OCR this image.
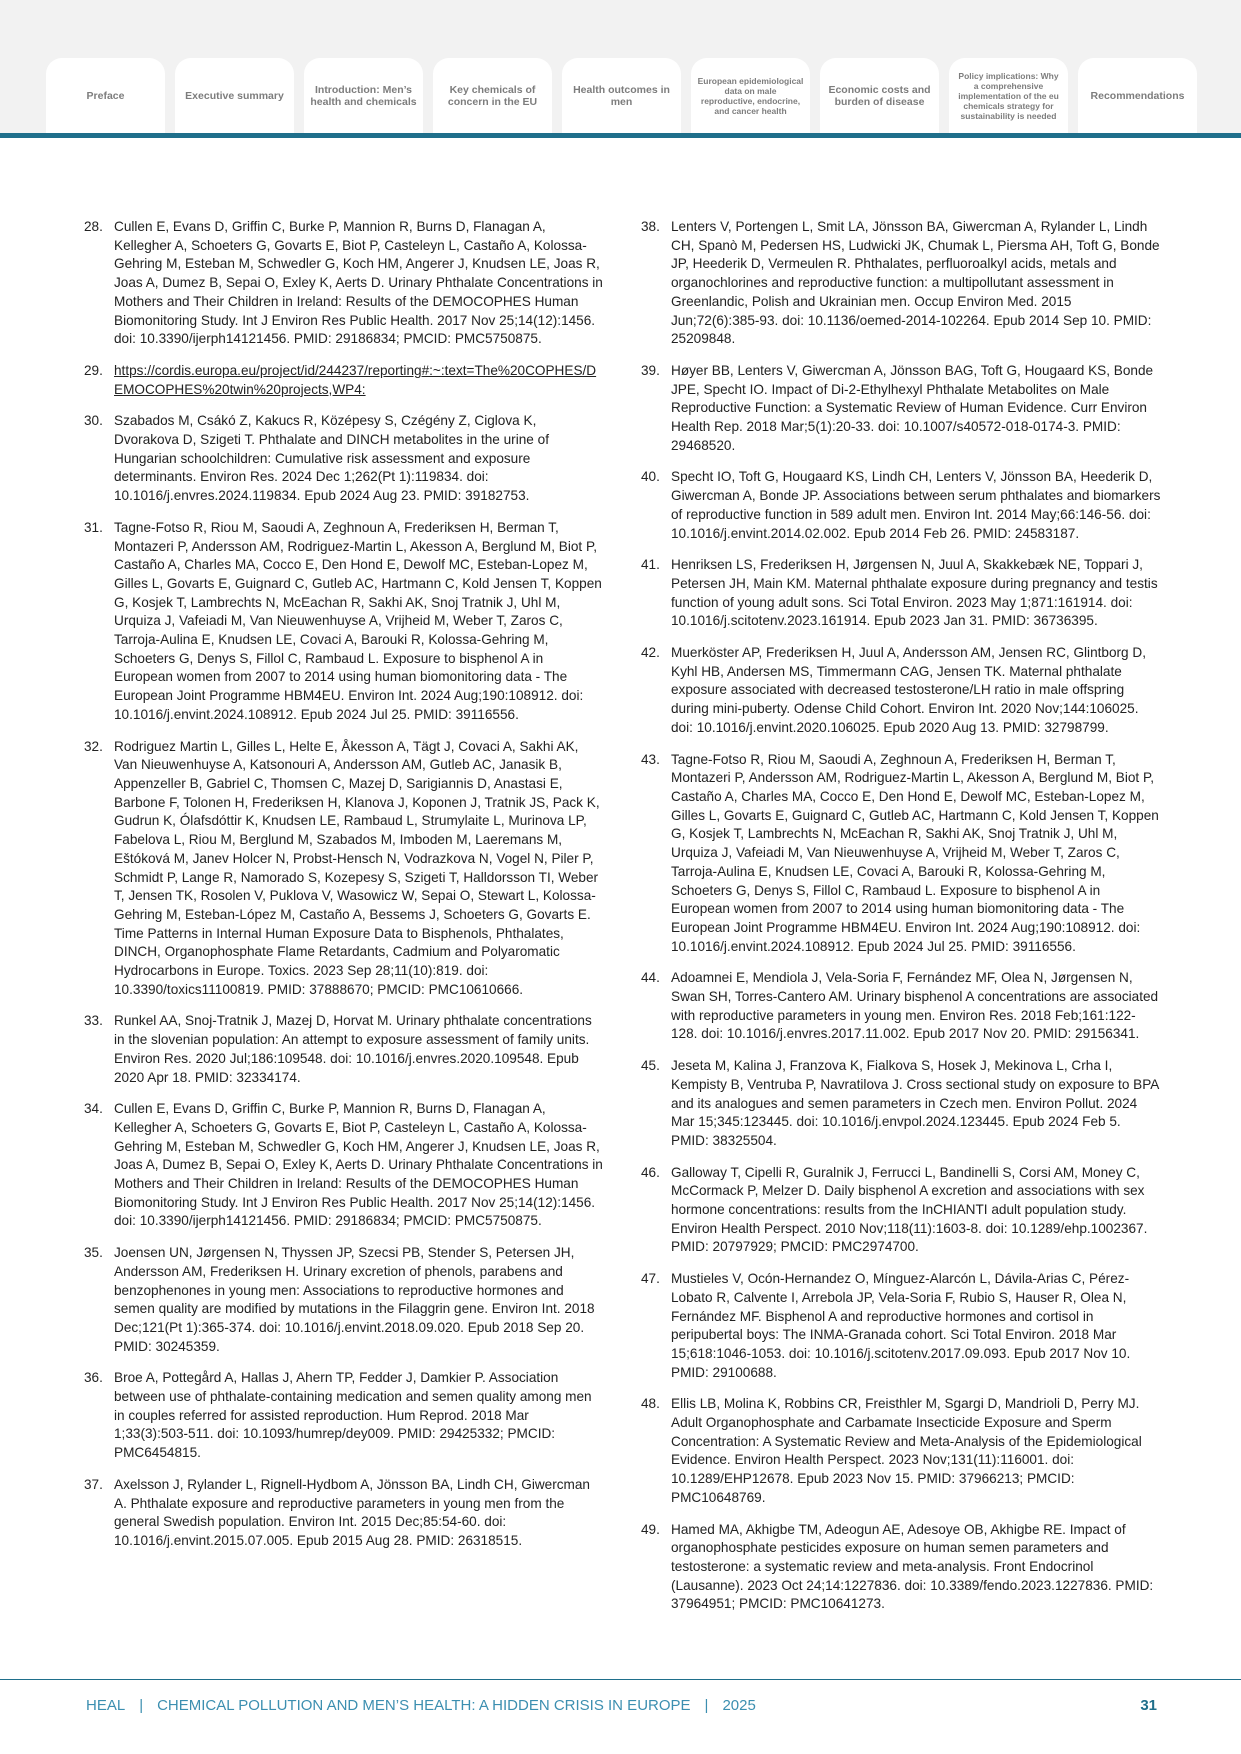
Preface	Executive summary	Introduction: Men’s health and chemicals
Key chemicals of concern in the EU
Health outcomes in men
European epidemiological data on male reproductive, endocrine, and cancer health
Economic costs and burden of disease
Policy implications: Why a comprehensive implementation of the eu chemicals strategy for sustainability is needed
Recommendations
28. Cullen E, Evans D, Griffin C, Burke P, Mannion R, Burns D, Flanagan A, Kellegher A, Schoeters G, Govarts E, Biot P, Casteleyn L, Castaño A, Kolossa-Gehring M, Esteban M, Schwedler G, Koch HM, Angerer J, Knudsen LE, Joas R, Joas A, Dumez B, Sepai O, Exley K, Aerts D. Urinary Phthalate Concentrations in Mothers and Their Children in Ireland: Results of the DEMOCOPHES Human Biomonitoring Study. Int J Environ Res Public Health. 2017 Nov 25;14(12):1456. doi: 10.3390/ijerph14121456. PMID: 29186834; PMCID: PMC5750875.
29. https://cordis.europa.eu/project/id/244237/reporting#:~:text=The%20COPHES/DEMOCOPHES%20twin%20projects,WP4:
30. Szabados M, Csákó Z, Kakucs R, Középesy S, Czégény Z, Ciglova K, Dvorakova D, Szigeti T. Phthalate and DINCH metabolites in the urine of Hungarian schoolchildren: Cumulative risk assessment and exposure determinants. Environ Res. 2024 Dec 1;262(Pt 1):119834. doi: 10.1016/j.envres.2024.119834. Epub 2024 Aug 23. PMID: 39182753.
31. Tagne-Fotso R, Riou M, Saoudi A, Zeghnoun A, Frederiksen H, Berman T, Montazeri P, Andersson AM, Rodriguez-Martin L, Akesson A, Berglund M, Biot P, Castaño A, Charles MA, Cocco E, Den Hond E, Dewolf MC, Esteban-Lopez M, Gilles L, Govarts E, Guignard C, Gutleb AC, Hartmann C, Kold Jensen T, Koppen G, Kosjek T, Lambrechts N, McEachan R, Sakhi AK, Snoj Tratnik J, Uhl M, Urquiza J, Vafeiadi M, Van Nieuwenhuyse A, Vrijheid M, Weber T, Zaros C, Tarroja-Aulina E, Knudsen LE, Covaci A, Barouki R, Kolossa-Gehring M, Schoeters G, Denys S, Fillol C, Rambaud L. Exposure to bisphenol A in European women from 2007 to 2014 using human biomonitoring data - The European Joint Programme HBM4EU. Environ Int. 2024 Aug;190:108912. doi: 10.1016/j.envint.2024.108912. Epub 2024 Jul 25. PMID: 39116556.
32. Rodriguez Martin L, Gilles L, Helte E, Åkesson A, Tägt J, Covaci A, Sakhi AK, Van Nieuwenhuyse A, Katsonouri A, Andersson AM, Gutleb AC, Janasik B, Appenzeller B, Gabriel C, Thomsen C, Mazej D, Sarigiannis D, Anastasi E, Barbone F, Tolonen H, Frederiksen H, Klanova J, Koponen J, Tratnik JS, Pack K, Gudrun K, Ólafsdóttir K, Knudsen LE, Rambaud L, Strumylaite L, Murinova LP, Fabelova L, Riou M, Berglund M, Szabados M, Imboden M, Laeremans M, Eštóková M, Janev Holcer N, Probst-Hensch N, Vodrazkova N, Vogel N, Piler P, Schmidt P, Lange R, Namorado S, Kozepesy S, Szigeti T, Halldorsson TI, Weber T, Jensen TK, Rosolen V, Puklova V, Wasowicz W, Sepai O, Stewart L, Kolossa-Gehring M, Esteban-López M, Castaño A, Bessems J, Schoeters G, Govarts E. Time Patterns in Internal Human Exposure Data to Bisphenols, Phthalates, DINCH, Organophosphate Flame Retardants, Cadmium and Polyaromatic Hydrocarbons in Europe. Toxics. 2023 Sep 28;11(10):819. doi: 10.3390/toxics11100819. PMID: 37888670; PMCID: PMC10610666.
33. Runkel AA, Snoj-Tratnik J, Mazej D, Horvat M. Urinary phthalate concentrations in the slovenian population: An attempt to exposure assessment of family units. Environ Res. 2020 Jul;186:109548. doi: 10.1016/j.envres.2020.109548. Epub 2020 Apr 18. PMID: 32334174.
34. Cullen E, Evans D, Griffin C, Burke P, Mannion R, Burns D, Flanagan A, Kellegher A, Schoeters G, Govarts E, Biot P, Casteleyn L, Castaño A, Kolossa-Gehring M, Esteban M, Schwedler G, Koch HM, Angerer J, Knudsen LE, Joas R, Joas A, Dumez B, Sepai O, Exley K, Aerts D. Urinary Phthalate Concentrations in Mothers and Their Children in Ireland: Results of the DEMOCOPHES Human Biomonitoring Study. Int J Environ Res Public Health. 2017 Nov 25;14(12):1456. doi: 10.3390/ijerph14121456. PMID: 29186834; PMCID: PMC5750875.
35. Joensen UN, Jørgensen N, Thyssen JP, Szecsi PB, Stender S, Petersen JH, Andersson AM, Frederiksen H. Urinary excretion of phenols, parabens and benzophenones in young men: Associations to reproductive hormones and semen quality are modified by mutations in the Filaggrin gene. Environ Int. 2018 Dec;121(Pt 1):365-374. doi: 10.1016/j.envint.2018.09.020. Epub 2018 Sep 20. PMID: 30245359.
36. Broe A, Pottegård A, Hallas J, Ahern TP, Fedder J, Damkier P. Association between use of phthalate-containing medication and semen quality among men in couples referred for assisted reproduction. Hum Reprod. 2018 Mar 1;33(3):503-511. doi: 10.1093/humrep/dey009. PMID: 29425332; PMCID: PMC6454815.
37. Axelsson J, Rylander L, Rignell-Hydbom A, Jönsson BA, Lindh CH, Giwercman A. Phthalate exposure and reproductive parameters in young men from the general Swedish population. Environ Int. 2015 Dec;85:54-60. doi: 10.1016/j.envint.2015.07.005. Epub 2015 Aug 28. PMID: 26318515.
38. Lenters V, Portengen L, Smit LA, Jönsson BA, Giwercman A, Rylander L, Lindh CH, Spanò M, Pedersen HS, Ludwicki JK, Chumak L, Piersma AH, Toft G, Bonde JP, Heederik D, Vermeulen R. Phthalates, perfluoroalkyl acids, metals and organochlorines and reproductive function: a multipollutant assessment in Greenlandic, Polish and Ukrainian men. Occup Environ Med. 2015 Jun;72(6):385-93. doi: 10.1136/oemed-2014-102264. Epub 2014 Sep 10. PMID: 25209848.
39. Høyer BB, Lenters V, Giwercman A, Jönsson BAG, Toft G, Hougaard KS, Bonde JPE, Specht IO. Impact of Di-2-Ethylhexyl Phthalate Metabolites on Male Reproductive Function: a Systematic Review of Human Evidence. Curr Environ Health Rep. 2018 Mar;5(1):20-33. doi: 10.1007/s40572-018-0174-3. PMID: 29468520.
40. Specht IO, Toft G, Hougaard KS, Lindh CH, Lenters V, Jönsson BA, Heederik D, Giwercman A, Bonde JP. Associations between serum phthalates and biomarkers of reproductive function in 589 adult men. Environ Int. 2014 May;66:146-56. doi: 10.1016/j.envint.2014.02.002. Epub 2014 Feb 26. PMID: 24583187.
41. Henriksen LS, Frederiksen H, Jørgensen N, Juul A, Skakkebæk NE, Toppari J, Petersen JH, Main KM. Maternal phthalate exposure during pregnancy and testis function of young adult sons. Sci Total Environ. 2023 May 1;871:161914. doi: 10.1016/j.scitotenv.2023.161914. Epub 2023 Jan 31. PMID: 36736395.
42. Muerköster AP, Frederiksen H, Juul A, Andersson AM, Jensen RC, Glintborg D, Kyhl HB, Andersen MS, Timmermann CAG, Jensen TK. Maternal phthalate exposure associated with decreased testosterone/LH ratio in male offspring during mini-puberty. Odense Child Cohort. Environ Int. 2020 Nov;144:106025. doi: 10.1016/j.envint.2020.106025. Epub 2020 Aug 13. PMID: 32798799.
43. Tagne-Fotso R, Riou M, Saoudi A, Zeghnoun A, Frederiksen H, Berman T, Montazeri P, Andersson AM, Rodriguez-Martin L, Akesson A, Berglund M, Biot P, Castaño A, Charles MA, Cocco E, Den Hond E, Dewolf MC, Esteban-Lopez M, Gilles L, Govarts E, Guignard C, Gutleb AC, Hartmann C, Kold Jensen T, Koppen G, Kosjek T, Lambrechts N, McEachan R, Sakhi AK, Snoj Tratnik J, Uhl M, Urquiza J, Vafeiadi M, Van Nieuwenhuyse A, Vrijheid M, Weber T, Zaros C, Tarroja-Aulina E, Knudsen LE, Covaci A, Barouki R, Kolossa-Gehring M, Schoeters G, Denys S, Fillol C, Rambaud L. Exposure to bisphenol A in European women from 2007 to 2014 using human biomonitoring data - The European Joint Programme HBM4EU. Environ Int. 2024 Aug;190:108912. doi: 10.1016/j.envint.2024.108912. Epub 2024 Jul 25. PMID: 39116556.
44. Adoamnei E, Mendiola J, Vela-Soria F, Fernández MF, Olea N, Jørgensen N, Swan SH, Torres-Cantero AM. Urinary bisphenol A concentrations are associated with reproductive parameters in young men. Environ Res. 2018 Feb;161:122-128. doi: 10.1016/j.envres.2017.11.002. Epub 2017 Nov 20. PMID: 29156341.
45. Jeseta M, Kalina J, Franzova K, Fialkova S, Hosek J, Mekinova L, Crha I, Kempisty B, Ventruba P, Navratilova J. Cross sectional study on exposure to BPA and its analogues and semen parameters in Czech men. Environ Pollut. 2024 Mar 15;345:123445. doi: 10.1016/j.envpol.2024.123445. Epub 2024 Feb 5. PMID: 38325504.
46. Galloway T, Cipelli R, Guralnik J, Ferrucci L, Bandinelli S, Corsi AM, Money C, McCormack P, Melzer D. Daily bisphenol A excretion and associations with sex hormone concentrations: results from the InCHIANTI adult population study. Environ Health Perspect. 2010 Nov;118(11):1603-8. doi: 10.1289/ehp.1002367. PMID: 20797929; PMCID: PMC2974700.
47. Mustieles V, Ocón-Hernandez O, Mínguez-Alarcón L, Dávila-Arias C, Pérez-Lobato R, Calvente I, Arrebola JP, Vela-Soria F, Rubio S, Hauser R, Olea N, Fernández MF. Bisphenol A and reproductive hormones and cortisol in peripubertal boys: The INMA-Granada cohort. Sci Total Environ. 2018 Mar 15;618:1046-1053. doi: 10.1016/j.scitotenv.2017.09.093. Epub 2017 Nov 10. PMID: 29100688.
48. Ellis LB, Molina K, Robbins CR, Freisthler M, Sgargi D, Mandrioli D, Perry MJ. Adult Organophosphate and Carbamate Insecticide Exposure and Sperm Concentration: A Systematic Review and Meta-Analysis of the Epidemiological Evidence. Environ Health Perspect. 2023 Nov;131(11):116001. doi: 10.1289/EHP12678. Epub 2023 Nov 15. PMID: 37966213; PMCID: PMC10648769.
49. Hamed MA, Akhigbe TM, Adeogun AE, Adesoye OB, Akhigbe RE. Impact of organophosphate pesticides exposure on human semen parameters and testosterone: a systematic review and meta-analysis. Front Endocrinol (Lausanne). 2023 Oct 24;14:1227836. doi: 10.3389/fendo.2023.1227836. PMID: 37964951; PMCID: PMC10641273.
HEAL | CHEMICAL POLLUTION AND MEN’S HEALTH: A HIDDEN CRISIS IN EUROPE | 2025	31
